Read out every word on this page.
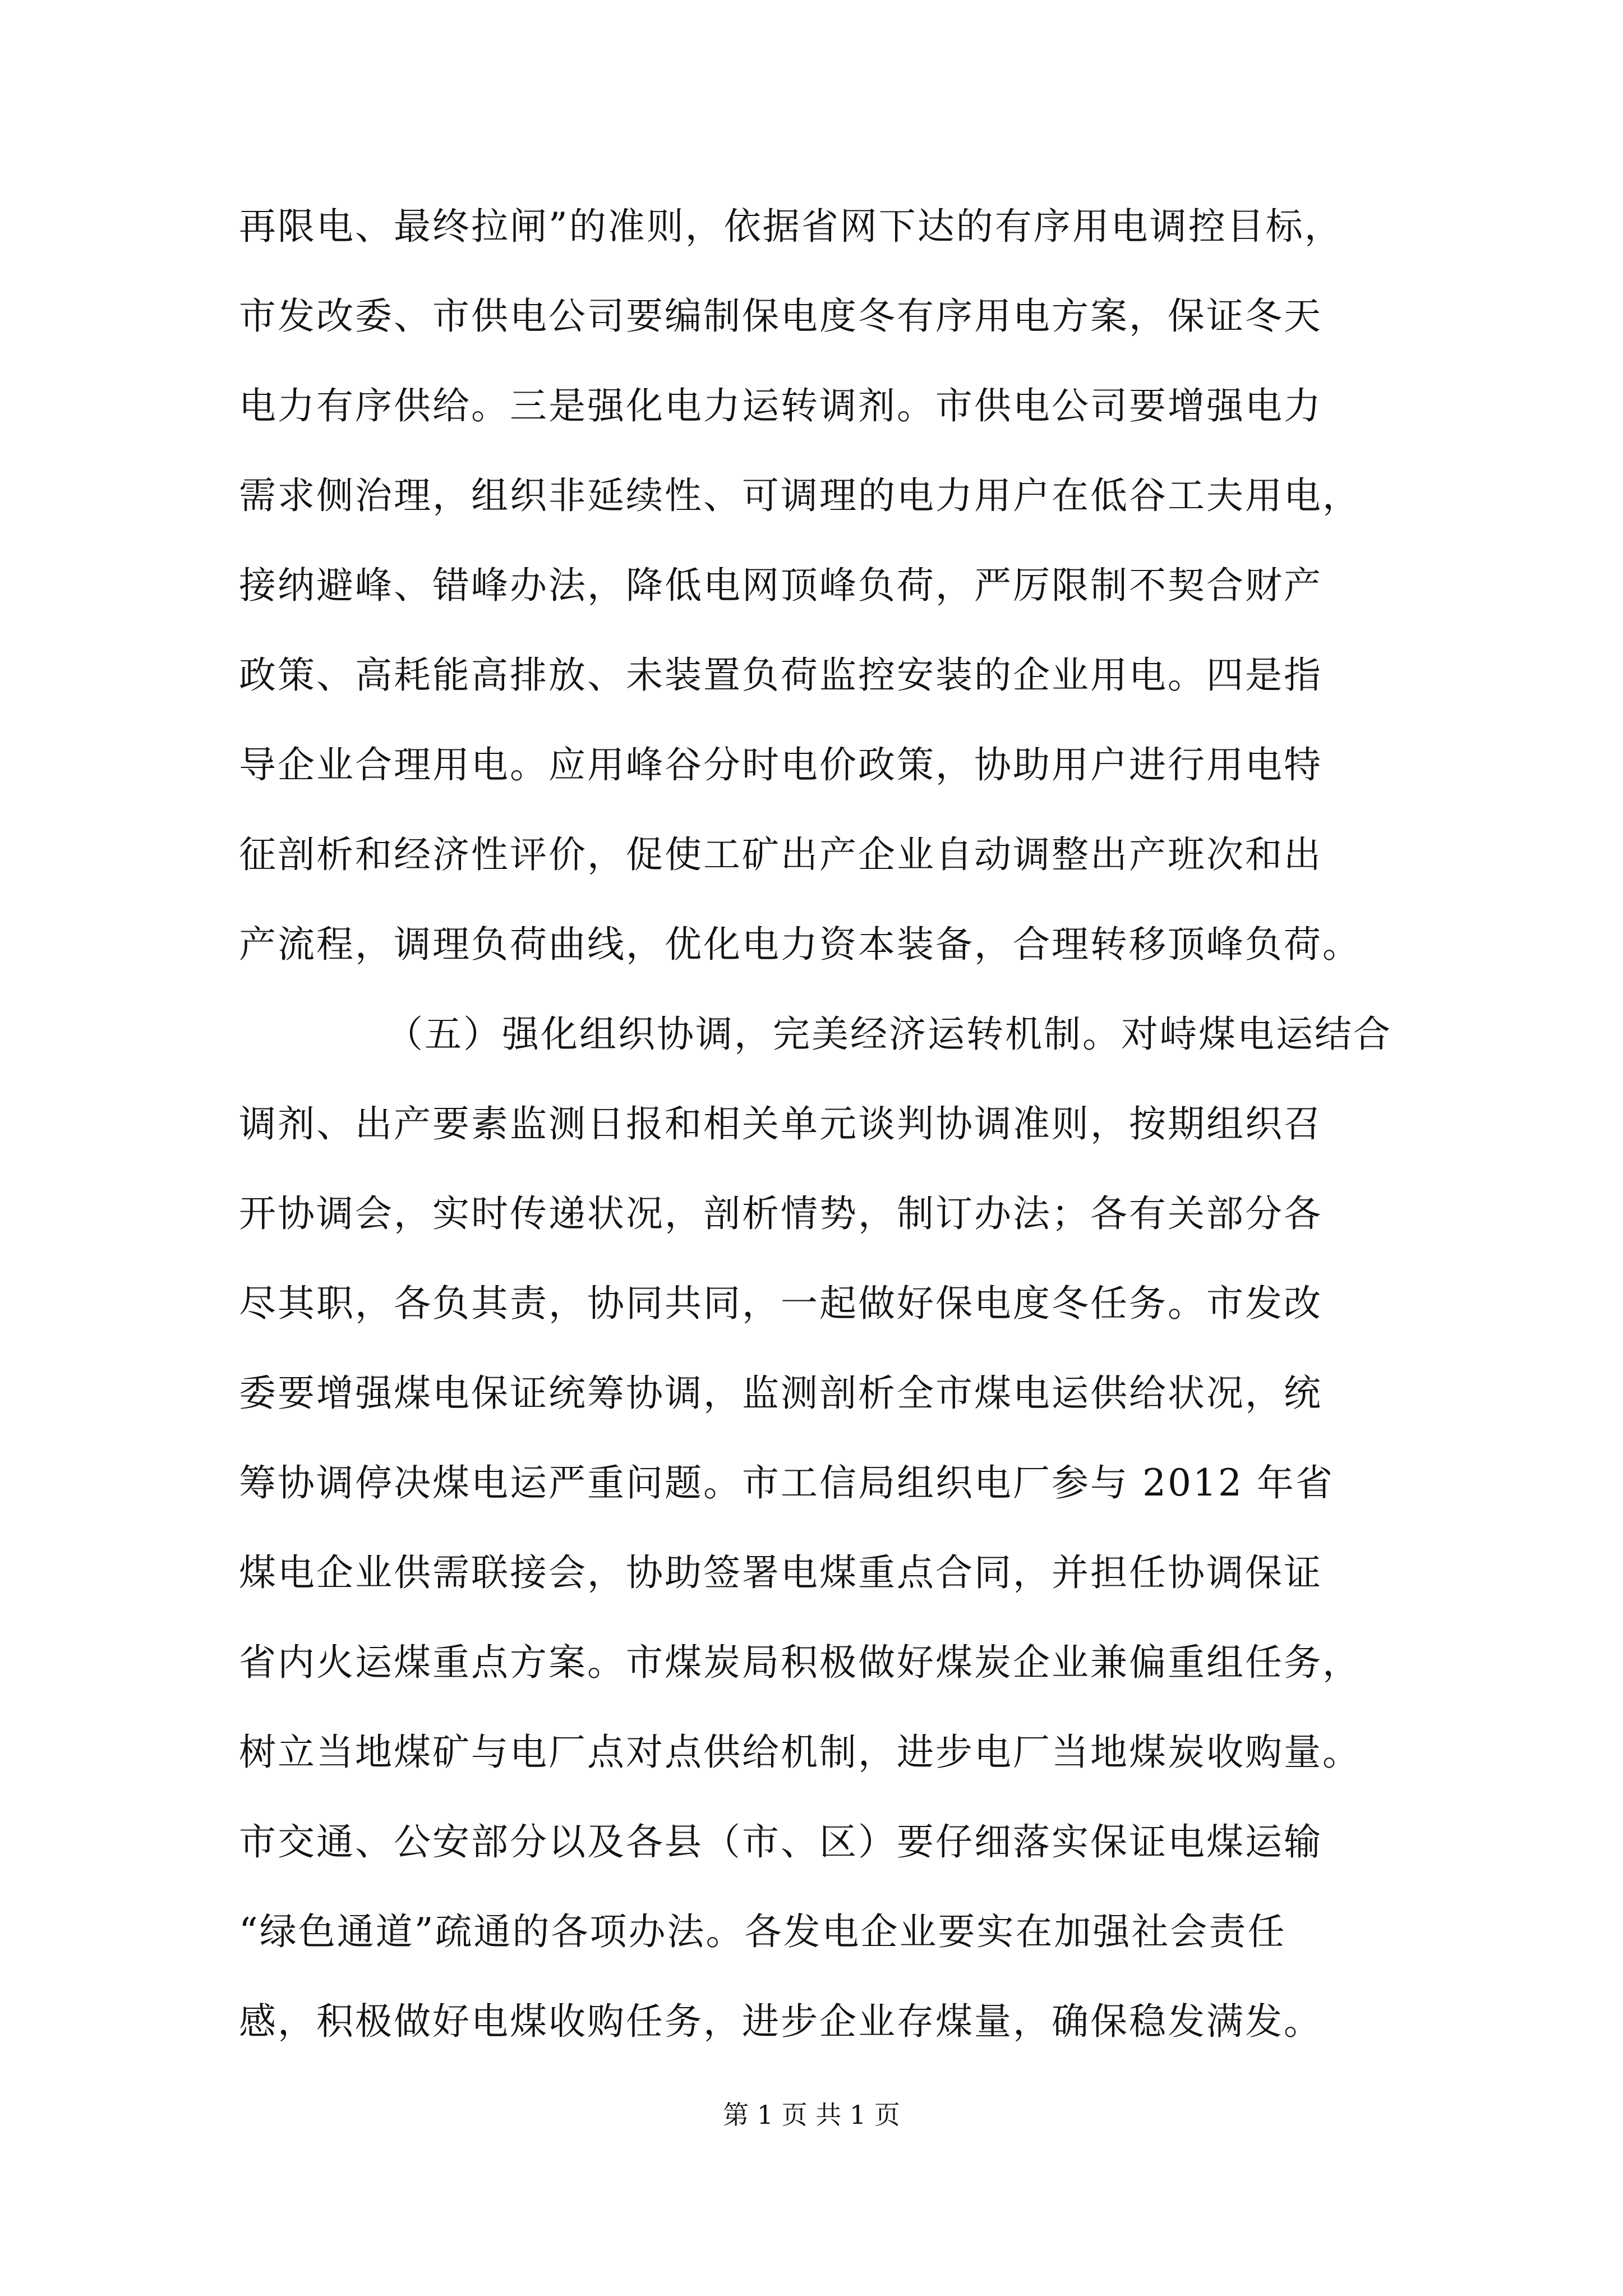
再限电、最终拉闸”的准则，依据省网下达的有序用电调控目标，
市发改委、市供电公司要编制保电度冬有序用电方案，保证冬天
电力有序供给。三是强化电力运转调剂。市供电公司要增强电力
需求侧治理，组织非延续性、可调理的电力用户在低谷工夫用电，
接纳避峰、错峰办法，降低电网顶峰负荷，严厉限制不契合财产
政策、高耗能高排放、未装置负荷监控安装的企业用电。四是指
导企业合理用电。应用峰谷分时电价政策，协助用户进行用电特
征剖析和经济性评价，促使工矿出产企业自动调整出产班次和出
产流程，调理负荷曲线，优化电力资本装备，合理转移顶峰负荷。
（五）强化组织协调，完美经济运转机制。对峙煤电运结合
调剂、出产要素监测日报和相关单元谈判协调准则，按期组织召
开协调会，实时传递状况，剖析情势，制订办法；各有关部分各
尽其职，各负其责，协同共同，一起做好保电度冬任务。市发改
委要增强煤电保证统筹协调，监测剖析全市煤电运供给状况，统
筹协调停决煤电运严重问题。市工信局组织电厂参与 2012 年省
煤电企业供需联接会，协助签署电煤重点合同，并担任协调保证
省内火运煤重点方案。市煤炭局积极做好煤炭企业兼偏重组任务，
树立当地煤矿与电厂点对点供给机制，进步电厂当地煤炭收购量。
市交通、公安部分以及各县（市、区）要仔细落实保证电煤运输
“绿色通道”疏通的各项办法。各发电企业要实在加强社会责任
感，积极做好电煤收购任务，进步企业存煤量，确保稳发满发。
第 1 页 共 1 页
